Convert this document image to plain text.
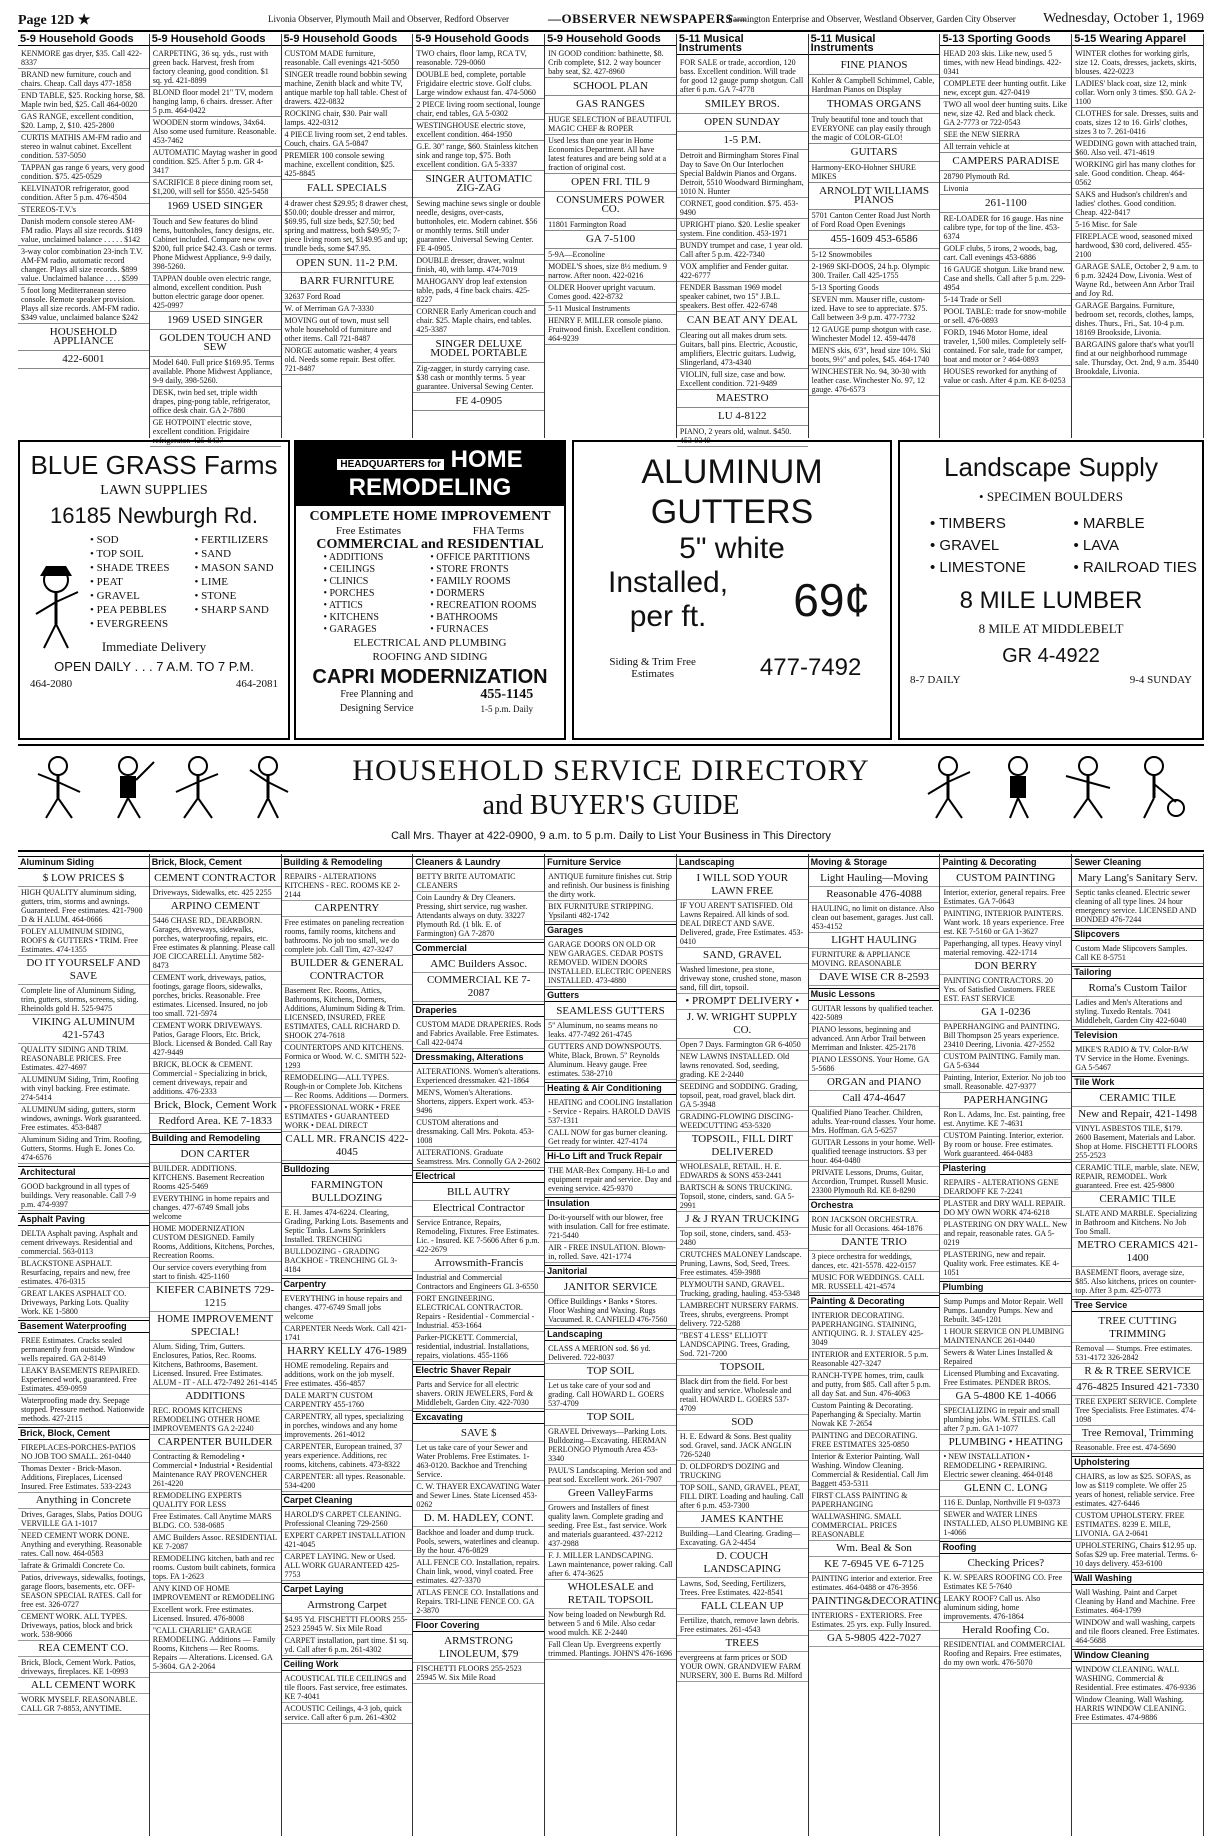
Page 12D ★	Livonia Observer, Plymouth Mail and Observer, Redford Observer	—OBSERVER NEWSPAPERS—
Farmington Enterprise and Observer, Westland Observer, Garden City Observer Wednesday, October 1, 1969
5-9 Household Goods
KENMORE gas dryer, $35. Call 422-8337
BRAND new furniture, couch and chairs. Cheap. Call days 477-1858
END TABLE, $25. Rocking horse, $8. Maple twin bed, $25. Call 464-0020
GAS RANGE, excellent condition, $20. Lamp, 2, $10. 425-2800
CURTIS MATHIS AM-FM radio and stereo in walnut cabinet. Excellent condition. 537-5050
TAPPAN gas range 6 years, very good condition. $75. 425-0529
KELVINATOR refrigerator, good condition. After 5 p.m. 476-4504
STEREOS-T.V.'s
Danish modern console stereo AM-FM radio. Plays all size records. $189 value, unclaimed balance . . . . . $142
3-way color combination 23-inch T.V. AM-FM radio, automatic record changer. Plays all size records. $899 value. Unclaimed balance . . . . $599
5 foot long Mediterranean stereo console. Remote speaker provision. Plays all size records. AM-FM radio. $349 value, unclaimed balance $242
HOUSEHOLD APPLIANCE
422-6001
5-9 Household Goods
CARPETING, 36 sq. yds., rust with green back. Harvest, fresh from factory cleaning, good condition. $1 sq. yd. 421-8899
BLOND floor model 21" TV, modern hanging lamp, 6 chairs. dresser. After 5 p.m. 464-0422
WOODEN storm windows, 34x64. Also some used furniture. Reasonable. 453-7462
AUTOMATIC Maytag washer in good condition. $25. After 5 p.m. GR 4-3417
SACRIFICE 8 piece dining room set, $1,200, will sell for $550. 425-5458
1969 USED SINGER
Touch and Sew features do blind hems, buttonholes, fancy designs, etc. Cabinet included. Compare new over $200, full price $42.43. Cash or terms. Phone Midwest Appliance, 9-9 daily, 398-5260.
TAPPAN double oven electric range, almond, excellent condition. Push button electric garage door opener. 425-0997
1969 USED SINGER
GOLDEN TOUCH AND SEW
Model 640. Full price $169.95. Terms available. Phone Midwest Appliance, 9-9 daily, 398-5260.
DESK, twin bed set, triple width drapes, ping-pong table, refrigerator, office desk chair. GA 2-7880
GE HOTPOINT electric stove, excellent condition. Frigidaire refrigerator. 425-8437
5-9 Household Goods
CUSTOM MADE furniture, reasonable. Call evenings 421-5050
SINGER treadle round bobbin sewing machine, Zenith black and white TV, antique marble top hall table. Chest of drawers. 422-0832
ROCKING chair, $30. Pair wall lamps. 422-0312
4 PIECE living room set, 2 end tables. Couch, chairs. GA 5-0847
PREMIER 100 console sewing machine, excellent condition, $25. 425-8845
FALL SPECIALS
4 drawer chest $29.95; 8 drawer chest, $50.00; double dresser and mirror, $69.95, full size beds, $27.50; bed spring and mattress, both $49.95; 7-piece living room set, $149.95 and up; trundle beds, some $47.95.
OPEN SUN. 11-2 P.M.
BARR FURNITURE
32637 Ford Road
W. of Merriman GA 7-3330
MOVING out of town, must sell whole household of furniture and other items. Call 721-8487
NORGE automatic washer, 4 years old. Needs some repair. Best offer. 721-8487
5-9 Household Goods
TWO chairs, floor lamp, RCA TV, reasonable. 729-0060
DOUBLE bed, complete, portable Frigidaire electric stove. Golf clubs. Large window exhaust fan. 474-5060
2 PIECE living room sectional, lounge chair, end tables, GA 5-0302
WESTINGHOUSE electric stove, excellent condition. 464-1950
G.E. 30" range, $60. Stainless kitchen sink and range top, $75. Both excellent condition. GA 5-3337
SINGER AUTOMATIC ZIG-ZAG
Sewing machine sews single or double needle, designs, over-casts, buttonholes, etc. Modern cabinet. $56 or monthly terms. Still under guarantee. Universal Sewing Center. FE 4-0905.
DOUBLE dresser, drawer, walnut finish, 40, with lamp. 474-7019
MAHOGANY drop leaf extension table, pads, 4 fine back chairs. 425-8227
CORNER Early American couch and chair. $25. Maple chairs, end tables. 425-3387
SINGER DELUXE MODEL PORTABLE
Zig-zagger, in sturdy carrying case. $38 cash or monthly terms. 5 year guarantee. Universal Sewing Center.
FE 4-0905
5-9 Household Goods
IN GOOD condition: bathinette, $8. Crib complete, $12. 2 way bouncer baby seat, $2. 427-8960
SCHOOL PLAN
GAS RANGES
HUGE SELECTION of BEAUTIFUL MAGIC CHEF & ROPER
Used less than one year in Home Economics Department. All have latest features and are being sold at a fraction of original cost.
OPEN FRI. TIL 9
CONSUMERS POWER CO.
11801 Farmington Road
GA 7-5100
5-9A—Econoline
MODEL'S shoes, size 8½ medium. 9 narrow. After noon. 422-0216
OLDER Hoover upright vacuum. Comes good. 422-8732
5-11 Musical Instruments
HENRY F. MILLER console piano. Fruitwood finish. Excellent condition. 464-9239
5-11 Musical Instruments
FOR SALE or trade, accordion, 120 bass. Excellent condition. Will trade for good 12 gauge pump shotgun. Call after 6 p.m. GA 7-4778
SMILEY BROS.
OPEN SUNDAY
1-5 P.M.
Detroit and Birmingham Stores Final Day to Save On Our Interlochen Special Baldwin Pianos and Organs. Detroit, 5510 Woodward Birmingham, 1010 N. Hunter
CORNET, good condition. $75. 453-9490
UPRIGHT piano. $20. Leslie speaker system. Fine condition. 453-1971
BUNDY trumpet and case, 1 year old. Call after 5 p.m. 422-7340
VOX amplifier and Fender guitar. 422-6777
FENDER Bassman 1969 model speaker cabinet, two 15" J.B.L. speakers. Best offer. 422-6748
CAN BEAT ANY DEAL
Clearing out all makes drum sets. Guitars, ball pins. Electric, Acoustic, amplifiers, Electric guitars. Ludwig, Slingerland, 473-4340
VIOLIN, full size, case and bow. Excellent condition. 721-9489
MAESTRO
LU 4-8122
PIANO, 2 years old, walnut. $450. 453-9349
5-11 Musical Instruments
FINE PIANOS
Kohler & Campbell Schimmel, Cable, Hardman Pianos on Display
THOMAS ORGANS
Truly beautiful tone and touch that EVERYONE can play easily through the magic of COLOR-GLO!
GUITARS
Harmony-EKO-Hohner SHURE MIKES
ARNOLDT WILLIAMS PIANOS
5701 Canton Center Road Just North of Ford Road Open Evenings
455-1609 453-6586
5-12 Snowmobiles
2-1969 SKI-DOOS, 24 h.p. Olympic 300. Trailer. Call 425-1755
5-13 Sporting Goods
SEVEN mm. Mauser rifle, custom-ized. Have to see to appreciate. $75. Call between 3-9 p.m. 477-7732
12 GAUGE pump shotgun with case. Winchester Model 12. 459-4478
MEN'S skis, 6'3", head size 10½. Ski boots, 9½" and poles, $45. 464-1740
WINCHESTER No. 94, 30-30 with leather case. Winchester No. 97, 12 gauge. 476-6573
5-13 Sporting Goods
HEAD 203 skis. Like new, used 5 times, with new Head bindings. 422-0341
COMPLETE deer hunting outfit. Like new, except gun. 427-0419
TWO all wool deer hunting suits. Like new, size 42. Red and black check. GA 2-7773 or 722-0543
SEE the NEW SIERRA
All terrain vehicle at
CAMPERS PARADISE
28790 Plymouth Rd.
Livonia
261-1100
RE-LOADER for 16 gauge. Has nine calibre type, for top of the line. 453-6374
GOLF clubs, 5 irons, 2 woods, bag, cart. Call evenings 453-6886
16 GAUGE shotgun. Like brand new. Case and shells. Call after 5 p.m. 229-4954
5-14 Trade or Sell
POOL TABLE: trade for snow-mobile or sell. 476-0893
FORD, 1946 Motor Home, ideal traveler, 1,500 miles. Completely self-contained. For sale, trade for camper, boat and motor or ? 464-0893
HOUSES reworked for anything of value or cash. After 4 p.m. KE 8-0253
5-15 Wearing Apparel
WINTER clothes for working girls, size 12. Coats, dresses, jackets, skirts, blouses. 422-0223
LADIES' black coat, size 12, mink collar. Worn only 3 times. $50. GA 2-1100
CLOTHES for sale. Dresses, suits and coats, sizes 12 to 16. Girls' clothes, sizes 3 to 7. 261-0416
WEDDING gown with attached train, $60. Also veil. 471-4619
WORKING girl has many clothes for sale. Good condition. Cheap. 464-0562
SAKS and Hudson's children's and ladies' clothes. Good condition. Cheap. 422-8417
5-16 Misc. for Sale
FIREPLACE wood, seasoned mixed hardwood, $30 cord, delivered. 455-2100
GARAGE SALE, October 2, 9 a.m. to 6 p.m. 32424 Dow, Livonia. West of Wayne Rd., between Ann Arbor Trail and Joy Rd.
GARAGE Bargains. Furniture, bedroom set, records, clothes, lamps, dishes. Thurs., Fri., Sat. 10-4 p.m. 18169 Brookside, Livonia.
BARGAINS galore that's what you'll find at our neighborhood rummage sale. Thursday, Oct. 2nd, 9 a.m. 35440 Brookdale, Livonia.
BLUE GRASS Farms
LAWN SUPPLIES
16185 Newburgh Rd.
• SOD
• TOP SOIL
• SHADE TREES
• PEAT
• GRAVEL
• PEA PEBBLES
• EVERGREENS
• FERTILIZERS
• SAND
• MASON SAND
• LIME
• STONE
• SHARP SAND
Immediate Delivery
OPEN DAILY . . . 7 A.M. TO 7 P.M.
464-2080	464-2081
HEADQUARTERS for HOME REMODELING
COMPLETE HOME IMPROVEMENT
Free Estimates	FHA Terms
COMMERCIAL and RESIDENTIAL
• ADDITIONS
• CEILINGS
• CLINICS
• PORCHES
• ATTICS
• KITCHENS
• GARAGES
• OFFICE PARTITIONS
• STORE FRONTS
• FAMILY ROOMS
• DORMERS
• RECREATION ROOMS
• BATHROOMS
• FURNACES
ELECTRICAL AND PLUMBING
ROOFING AND SIDING
CAPRI MODERNIZATION
Free Planning and Designing Service
455-1145
1-5 p.m. Daily
ALUMINUM
GUTTERS
5" white
Installed,
per ft.	69¢
Siding & Trim Free Estimates	477-7492
Landscape Supply
• SPECIMEN BOULDERS
• TIMBERS
• GRAVEL
• LIMESTONE
• MARBLE
• LAVA
• RAILROAD TIES
8 MILE LUMBER
8 MILE AT MIDDLEBELT
GR 4-4922
8-7 DAILY	9-4 SUNDAY
HOUSEHOLD SERVICE DIRECTORY
and BUYER'S GUIDE
Call Mrs. Thayer at 422-0900, 9 a.m. to 5 p.m. Daily to List Your Business in This Directory
Aluminum Siding
$ LOW PRICES $
HIGH QUALITY aluminum siding, gutters, trim, storms and awnings. Guaranteed. Free estimates. 421-7900 D & H ALUM. 464-0666
FOLEY ALUMINUM SIDING, ROOFS & GUTTERS • TRIM. Free Estimates. 474-1355
DO IT YOURSELF AND SAVE
Complete line of Aluminum Siding, trim, gutters, storms, screens, siding. Rheinolds gold H. 525-9475
VIKING ALUMINUM 421-5743
QUALITY SIDING AND TRIM. REASONABLE PRICES. Free Estimates. 427-4697
ALUMINUM Siding, Trim, Roofing with vinyl backing. Free estimate. 274-5414
ALUMINUM siding, gutters, storm windows, awnings. Work guaranteed. Free estimates. 453-8487
Aluminum Siding and Trim. Roofing, Gutters, Storms. Hugh E. Jones Co. 474-6576
Architectural
GOOD background in all types of buildings. Very reasonable. Call 7-9 p.m. 474-9397
Asphalt Paving
DELTA Asphalt paving. Asphalt and cement driveways. Residential and commercial. 563-0113
BLACKSTONE ASPHALT. Resurfacing, repairs and new, free estimates. 476-0315
GREAT LAKES ASPHALT CO. Driveways, Parking Lots. Quality Work. KE 1-5800
Basement Waterproofing
FREE Estimates. Cracks sealed permanently from outside. Window wells repaired. GA 2-8149
LEAKY BASEMENTS REPAIRED. Experienced work, guaranteed. Free Estimates. 459-0959
Waterproofing made dry. Seepage stopped. Pressure method. Nationwide methods. 427-2115
Brick, Block, Cement
FIREPLACES-PORCHES-PATIOS NO JOB TOO SMALL. 261-0440
Thomas Dexter - Brick-Mason. Additions, Fireplaces, Licensed Insured. Free Estimates. 533-2243
Anything in Concrete
Drives, Garages, Slabs, Patios DOUG VERVILLE GA 1-1017
NEED CEMENT WORK DONE. Anything and everything. Reasonable rates. Call now. 464-0583
lafrate & Grimaldi Concrete Co.
Patios, driveways, sidewalks, footings, garage floors, basements, etc. OFF-SEASON SPECIAL RATES. Call for free est. 326-0727
CEMENT WORK. ALL TYPES. Driveways, patios, block and brick work. 538-9066
REA CEMENT CO.
Brick, Block, Cement Work. Patios, driveways, fireplaces. KE 1-0993
ALL CEMENT WORK
WORK MYSELF. REASONABLE. CALL GR 7-8853, ANYTIME.
Brick, Block, Cement
CEMENT CONTRACTOR
Driveways, Sidewalks, etc. 425 2255
ARPINO CEMENT
5446 CHASE RD., DEARBORN. Garages, driveways, sidewalks, porches, waterproofing, repairs, etc. Free estimates & planning. Please call JOE CICCARELLI. Anytime 582-8473
CEMENT work, driveways, patios, footings, garage floors, sidewalks, porches, bricks. Reasonable. Free estimates. Licensed. Insured, no job too small. 721-5974
CEMENT WORK DRIVEWAYS. Patios, Garage Floors, Etc. Brick, Block. Licensed & Bonded. Call Ray 427-9449
BRICK, BLOCK & CEMENT. Commercial - Specializing in brick, cement driveways, repair and additions. 476-2333
Brick, Block, Cement Work
Redford Area. KE 7-1833
Building and Remodeling
DON CARTER
BUILDER. ADDITIONS. KITCHENS. Basement Recreation Rooms 425-5469
EVERYTHING in home repairs and changes. 477-6749 Small jobs welcome
HOME MODERNIZATION CUSTOM DESIGNED. Family Rooms, Additions, Kitchens, Porches, Recreation Rooms.
Our service covers everything from start to finish. 425-1160
KIEFER CABINETS 729-1215
HOME IMPROVEMENT SPECIAL!
Alum. Siding, Trim, Gutters. Enclosures, Patios, Rec. Rooms. Kitchens, Bathrooms, Basement. Licensed. Insured. Free Estimates. ALUM - IT - ALL 472-7492 261-4145
ADDITIONS
REC. ROOMS KITCHENS REMODELING OTHER HOME IMPROVEMENTS GA 2-2240
CARPENTER BUILDER
Contracting & Remodeling • Commercial • Industrial • Residential Maintenance RAY PROVENCHER 261-4220
REMODELING EXPERTS QUALITY FOR LESS
Free Estimates. Call Anytime MARS BLDG. CO. 538-0685
AMC Builders Assoc. RESIDENTIAL KE 7-2087
REMODELING kitchen, bath and rec rooms. Custom built cabinets, formica tops. FA 1-2623
ANY KIND OF HOME IMPROVEMENT or REMODELING
Excellent work. Free estimates. Licensed. Insured. 476-8008
"CALL CHARLIE" GARAGE REMODELING. Additions — Family Rooms, Kitchens — Rec Rooms. Repairs — Alterations. Licensed. GA 5-3604. GA 2-2064
Building & Remodeling
REPAIRS - ALTERATIONS KITCHENS - REC. ROOMS KE 2-2144
CARPENTRY
Free estimates on paneling recreation rooms, family rooms, kitchens and bathrooms. No job too small, we do complete job. Call Tim, 427-3247
BUILDER & GENERAL CONTRACTOR
Basement Rec. Rooms, Attics, Bathrooms, Kitchens, Dormers, Additions, Aluminum Siding & Trim. LICENSED, INSURED, FREE ESTIMATES, CALL RICHARD D. SHOOK 274-7618
COUNTERTOPS AND KITCHENS. Formica or Wood. W. C. SMITH 522-1293
REMODELING—ALL TYPES. Rough-in or Complete Job. Kitchens — Rec Rooms. Additions — Dormers.
• PROFESSIONAL WORK • FREE ESTIMATES • GUARANTEED WORK • DEAL DIRECT
CALL MR. FRANCIS 422-4045
Bulldozing
FARMINGTON BULLDOZING
E. H. James 474-6224. Clearing, Grading, Parking Lots. Basements and Septic Tanks. Lawns Sprinklers Installed. TRENCHING
BULLDOZING - GRADING BACKHOE - TRENCHING GL 3-4184
Carpentry
EVERYTHING in house repairs and changes. 477-6749 Small jobs welcome
CARPENTER Needs Work. Call 421-1741
HARRY KELLY 476-1989
HOME remodeling. Repairs and additions, work on the job myself. Free estimates. 456-4857
DALE MART'N CUSTOM CARPENTRY 455-1760
CARPENTRY, all types, specializing in porches, windows and any home improvements. 261-4012
CARPENTER, European trained, 37 years experience. Additions, rec rooms, kitchens, cabinets. 473-8322
CARPENTER: all types. Reasonable. 534-4200
Carpet Cleaning
HAROLD'S CARPET CLEANING. Professional Cleaning 729-2560
EXPERT CARPET INSTALLATION 421-4045
CARPET LAYING. New or Used. ALL WORK GUARANTEED 425-7753
Carpet Laying
Armstrong Carpet
$4.95 Yd. FISCHETTI FLOORS 255-2523 25945 W. Six Mile Road
CARPET installation, part time. $1 sq. yd. Call after 6 p.m. 261-4302
Ceiling Work
ACOUSTICAL TILE CEILINGS and tile floors. Fast service, free estimates. KE 7-4041
ACOUSTIC Ceilings, 4-3 job, quick service. Call after 6 p.m. 261-4302
Cleaners & Laundry
BETTY BRITE AUTOMATIC CLEANERS
Coin Laundry & Dry Cleaners. Pressing, shirt service, rug washer. Attendants always on duty. 33227 Plymouth Rd. (1 blk. E. of Farmington) GA 7-2870
Commercial
AMC Builders Assoc.
COMMERCIAL KE 7-2087
Draperies
CUSTOM MADE DRAPERIES. Rods and Fabrics Available. Free Estimates. Call 422-0474
Dressmaking, Alterations
ALTERATIONS. Women's alterations. Experienced dressmaker. 421-1864
MEN'S, Women's Alterations. Shortens, zippers. Expert work. 453-9496
CUSTOM alterations and dressmaking. Call Mrs. Pokota. 453-1008
ALTERATIONS. Graduate Seamstress. Mrs. Connolly GA 2-2602
Electrical
BILL AUTRY
Electrical Contractor
Service Entrance, Repairs, Remodeling, Fixtures. Free Estimates. Lic. - Insured. KE 7-5606 After 6 p.m. 422-2679
Arrowsmith-Francis
Industrial and Commercial Contractors and Engineers GL 3-6550
FORT ENGINEERING. ELECTRICAL CONTRACTOR. Repairs - Residential - Commercial - Industrial. 453-1664
Parker-PICKETT. Commercial, residential, industrial. Installations, repairs, violations. 455-1166
Electric Shaver Repair
Parts and Service for all electric shavers. ORIN JEWELERS, Ford & Middlebelt, Garden City. 422-7030
Excavating
SAVE $
Let us take care of your Sewer and Water Problems. Free Estimates. 1-463-0120. Backhoe and Trenching Service.
C. W. THAYER EXCAVATING Water and Sewer Lines. State Licensed 453-0262
D. M. HADLEY, CONT.
Backhoe and loader and dump truck. Pools, sewers, waterlines and cleanup. By the hour. 476-0829
ALL FENCE CO. Installation, repairs. Chain link, wood, vinyl coated. Free estimates. 427-3370
ATLAS FENCE CO. Installations and Repairs. TRI-LINE FENCE CO. GA 2-3870
Floor Covering
ARMSTRONG LINOLEUM, $79
FISCHETTI FLOORS 255-2523 25945 W. Six Mile Road
Furniture Service
ANTIQUE furniture finishes cut. Strip and refinish. Our business is finishing the dirty work.
BIX FURNITURE STRIPPING. Ypsilanti 482-1742
Garages
GARAGE DOORS ON OLD OR NEW GARAGES. CEDAR POSTS REMOVED. WIDEN DOORS INSTALLED. ELECTRIC OPENERS INSTALLED. 473-4880
Gutters
SEAMLESS GUTTERS
5" Aluminum, no seams means no leaks. 477-7492 261-4745
GUTTERS AND DOWNSPOUTS. White, Black, Brown. 5" Reynolds Aluminum. Heavy gauge. Free estimates. 538-2710
Heating & Air Conditioning
HEATING and COOLING Installation - Service - Repairs. HAROLD DAVIS 537-1311
CALL NOW for gas burner cleaning. Get ready for winter. 427-4174
Hi-Lo Lift and Truck Repair
THE MAR-Bex Company. Hi-Lo and equipment repair and service. Day and evening service. 425-9370
Insulation
Do-it-yourself with our blower, free with insulation. Call for free estimate. 721-5440
AIR - FREE INSULATION. Blown-in, rolled. Save. 421-1774
Janitorial
JANITOR SERVICE
Office Buildings • Banks • Stores. Floor Washing and Waxing. Rugs Vacuumed. R. CANFIELD 476-7560
Landscaping
CLASS A MERION sod. $6 yd. Delivered. 722-8037
TOP SOIL
Let us take care of your sod and grading. Call HOWARD L. GOERS 537-4709
TOP SOIL
GRAVEL Driveways—Parking Lots. Bulldozing—Excavating. HERMAN PERLONGO Plymouth Area 453-3340
PAUL'S Landscaping. Merion sod and peat sod. Excellent work. 261-7907
Green ValleyFarms
Growers and Installers of finest quality lawn. Complete grading and seeding. Free Est., fast service. Work and materials guaranteed. 437-2212 437-2988
F. J. MILLER LANDSCAPING. Lawn maintenance, power raking. Call after 6. 474-3625
WHOLESALE and RETAIL TOPSOIL
Now being loaded on Newburgh Rd. between 5 and 6 Mile. Also cedar wood mulch. KE 2-2440
Fall Clean Up. Evergreens expertly trimmed. Plantings. JOHN'S 476-1696
Landscaping
I WILL SOD YOUR LAWN FREE
IF YOU AREN'T SATISFIED. Old Lawns Repaired. All kinds of sod. DEAL DIRECT AND SAVE. Delivered, grade, Free Estimates. 453-0410
SAND, GRAVEL
Washed limestone, pea stone, driveway stone, crushed stone, mason sand, fill dirt, topsoil.
• PROMPT DELIVERY •
J. W. WRIGHT SUPPLY CO.
Open 7 Days. Farmington GR 6-4050
NEW LAWNS INSTALLED. Old lawns renovated. Sod, seeding, grading. KE 2-2440
SEEDING and SODDING. Grading, topsoil, peat, road gravel, black dirt. GA 5-3948
GRADING-FLOWING DISCING-WEEDCUTTING 453-5320
TOPSOIL, FILL DIRT DELIVERED
WHOLESALE, RETAIL. H. E. EDWARDS & SONS 453-2441
BARTSCH & SONS TRUCKING. Topsoil, stone, cinders, sand. GA 5-2991
J & J RYAN TRUCKING
Top soil, stone, cinders, sand. 453-2480
CRUTCHES MALONEY Landscape. Pruning, Lawns, Sod, Seed, Trees. Free estimates. 459-3988
PLYMOUTH SAND, GRAVEL. Trucking, grading, hauling. 453-5348
LAMBRECHT NURSERY FARMS. Trees, shrubs, evergreens. Prompt delivery. 722-5288
"BEST 4 LESS" ELLIOTT LANDSCAPING. Trees, Grading, Sod. 721-7200
TOPSOIL
Black dirt from the field. For best quality and service. Wholesale and retail. HOWARD L. GOERS 537-4709
SOD
H. E. Edward & Sons. Best quality sod. Gravel, sand. JACK ANGLIN 726-5240
D. OLDFORD'S DOZING and TRUCKING
TOP SOIL, SAND, GRAVEL, PEAT, FILL DIRT. Loading and hauling. Call after 6 p.m. 453-7300
JAMES KANTHE
Building—Land Clearing. Grading—Excavating. GA 2-4454
D. COUCH LANDSCAPING
Lawns, Sod, Seeding, Fertilizers, Trees. Free Estimates. 422-8541
FALL CLEAN UP
Fertilize, thatch, remove lawn debris. Free estimates. 261-4543
TREES
evergreens at farm prices or SOD YOUR OWN. GRANDVIEW FARM NURSERY, 300 E. Burns Rd. Milford
Moving & Storage
Light Hauling—Moving
Reasonable 476-4088
HAULING, no limit on distance. Also clean out basement, garages. Just call. 453-4152
LIGHT HAULING
FURNITURE & APPLIANCE MOVING. REASONABLE
DAVE WISE CR 8-2593
Music Lessons
GUITAR lessons by qualified teacher. 422-5089
PIANO lessons, beginning and advanced. Ann Arbor Trail between Merriman and Inkster. 425-2178
PIANO LESSONS. Your Home. GA 5-5686
ORGAN and PIANO
Call 474-4647
Qualified Piano Teacher. Children, adults. Year-round classes. Your home. Mrs. Hoffman. GA 5-6257
GUITAR Lessons in your home. Well-qualified teenage instructors. $3 per hour. 464-0480
PRIVATE Lessons, Drums, Guitar, Accordion, Trumpet. Russell Music. 23300 Plymouth Rd. KE 8-8290
Orchestra
RON JACKSON ORCHESTRA. Music for all Occasions. 464-1876
DANTE TRIO
3 piece orchestra for weddings, dances, etc. 421-5578. 422-0157
MUSIC FOR WEDDINGS. CALL MR. RUSSELL 421-4574
Painting & Decorating
INTERIOR DECORATING. PAPERHANGING. STAINING, ANTIQUING. R. J. STALEY 425-3049
INTERIOR and EXTERIOR. 5 p.m. Reasonable 427-3247
RANCH-TYPE homes, trim, caulk and putty, from $85. Call after 5 p.m. all day Sat. and Sun. 476-4063
Custom Painting & Decorating. Paperhanging & Specialty. Martin Nowak KE 7-2654
PAINTING and DECORATING. FREE ESTIMATES 325-0850
Interior & Exterior Painting. Wall Washing. Window Cleaning. Commercial & Residential. Call Jim Baggett 453-5311
FIRST CLASS PAINTING & PAPERHANGING
WALLWASHING. SMALL COMMERCIAL. PRICES REASONABLE
Wm. Beal & Son
KE 7-6945 VE 6-7125
PAINTING interior and exterior. Free estimates. 464-0488 or 476-3956
PAINTING&DECORATING
INTERIORS - EXTERIORS. Free Estimates. 25 yrs. exp. Fully Insured.
GA 5-9805 422-7027
Painting & Decorating
CUSTOM PAINTING
Interior, exterior, general repairs. Free Estimates. GA 7-0643
PAINTING, INTERIOR PAINTERS. Want work. 18 years experience. Free est. KE 7-5160 or GA 1-3627
Paperhanging, all types. Heavy vinyl material removing. 422-1714
DON BERRY
PAINTING CONTRACTORS. 20 Yrs. of Satisfied Customers. FREE EST. FAST SERVICE
GA 1-0236
PAPERHANGING and PAINTING. Bill Thompson 25 years experience. 23410 Deering, Livonia. 427-2552
CUSTOM PAINTING. Family man. GA 5-6344
Painting, Interior, Exterior. No job too small. Reasonable. 427-9377
PAPERHANGING
Ron L. Adams, Inc. Est. painting, free est. Anytime. KE 7-4631
CUSTOM Painting. Interior, exterior. By room or house. Free estimates. Work guaranteed. 464-0483
Plastering
REPAIRS - ALTERATIONS GENE DEARDOFF KE 7-2241
PLASTER and DRY WALL REPAIR. DO MY OWN WORK 474-6218
PLASTERING ON DRY WALL. New and repair, reasonable rates. GA 5-0219
PLASTERING, new and repair. Quality work. Free estimates. KE 4-1051
Plumbing
Sump Pumps and Motor Repair. Well Pumps. Laundry Pumps. New and Rebuilt. 345-1201
1 HOUR SERVICE ON PLUMBING MAINTENANCE 261-0440
Sewers & Water Lines Installed & Repaired
Licensed Plumbing and Excavating. Free Estimates. PENDER BROS.
GA 5-4800 KE 1-4066
SPECIALIZING in repair and small plumbing jobs. WM. STILES. Call after 7 p.m. GA 1-1077
PLUMBING • HEATING
• NEW INSTALLATION • REMODELING • REPAIRING. Electric sewer cleaning. 464-0148
GLENN C. LONG
116 E. Dunlap, Northville FI 9-0373
SEWER and WATER LINES INSTALLED, ALSO PLUMBING KE 1-4066
Roofing
Checking Prices?
K. W. SPEARS ROOFING CO. Free Estimates KE 5-7640
LEAKY ROOF? Call us. Also aluminum siding, home improvements. 476-1864
Herald Roofing Co.
RESIDENTIAL and COMMERCIAL Roofing and Repairs. Free estimates, do my own work. 476-5070
Sewer Cleaning
Mary Lang's Sanitary Serv.
Septic tanks cleaned. Electric sewer cleaning of all type lines. 24 hour emergency service. LICENSED AND BONDED 476-7244
Slipcovers
Custom Made Slipcovers Samples. Call KE 8-5751
Tailoring
Roma's Custom Tailor
Ladies and Men's Alterations and styling. Tuxedo Rentals. 7041 Middlebelt, Garden City 422-6040
Television
MIKE'S RADIO & TV. Color-B/W TV Service in the Home. Evenings. GA 5-5467
Tile Work
CERAMIC TILE
New and Repair, 421-1498
VINYL ASBESTOS TILE, $179. 2600 Basement, Materials and Labor. Shop at Home. FISCHETTI FLOORS 255-2523
CERAMIC TILE, marble, slate. NEW, REPAIR, REMODEL. Work guaranteed. Free est. 425-9800
CERAMIC TILE
SLATE AND MARBLE. Specializing in Bathroom and Kitchens. No Job Too Small.
METRO CERAMICS 421-1400
BASEMENT floors, average size, $85. Also kitchens, prices on counter-top. After 3 p.m. 425-0773
Tree Service
TREE CUTTING TRIMMING
Removal — Stumps. Free estimates. 531-4172 326-2842
R & R TREE SERVICE
476-4825 Insured 421-7330
TREE EXPERT SERVICE. Complete Tree Specialists. Free Estimates. 474-1098
Tree Removal, Trimming
Reasonable. Free est. 474-5690
Upholstering
CHAIRS, as low as $25. SOFAS, as low as $119 complete. We offer 25 years of honest, reliable service. Free estimates. 427-6446
CUSTOM UPHOLSTERY. FREE ESTIMATES. 8239 E. MILE, LIVONIA. GA 2-0641
UPHOLSTERING, Chairs $12.95 up. Sofas $29 up. Free material. Terms. 6-10 days delivery. 453-6100
Wall Washing
Wall Washing. Paint and Carpet Cleaning by Hand and Machine. Free Estimates. 464-1799
WINDOW and wall washing, carpets and tile floors cleaned. Free Estimates. 464-5688
Window Cleaning
WINDOW CLEANING. WALL WASHING. Commercial & Residential. Free estimates. 476-9336
Window Cleaning. Wall Washing. HARRIS WINDOW CLEANING. Free Estimates. 474-9886
